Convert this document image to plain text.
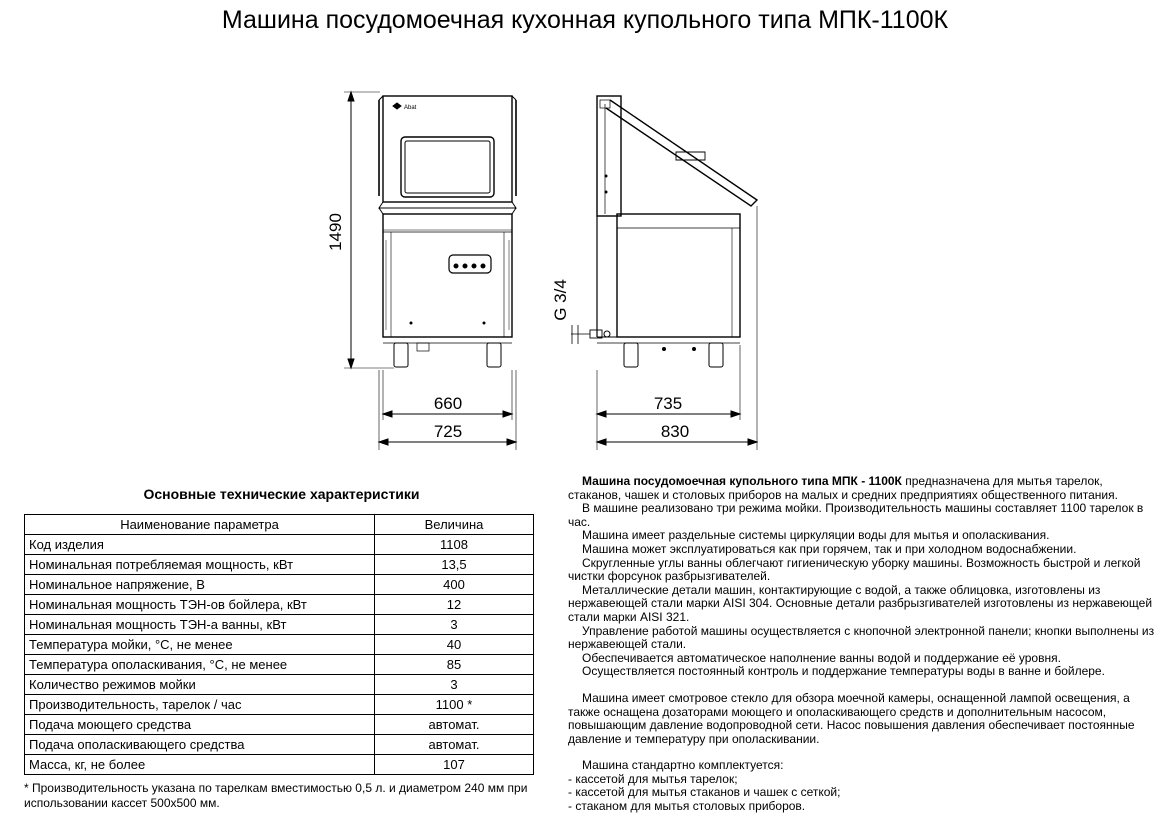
Машина посудомоечная кухонная купольного типа МПК-1100К
Abat
1490
660
725
G 3/4
735
830
Основные технические характеристики
Наименование параметра	Величина
Код изделия	1108
Номинальная потребляемая мощность, кВт	13,5
Номинальное напряжение, В	400
Номинальная мощность ТЭН-ов бойлера, кВт	12
Номинальная мощность ТЭН-а ванны, кВт	3
Температура мойки, °С, не менее	40
Температура ополаскивания, °С, не менее	85
Количество режимов мойки	3
Производительность, тарелок / час	1100 *
Подача моющего средства	автомат.
Подача ополаскивающего средства	автомат.
Масса, кг, не более	107
* Производительность указана по тарелкам вместимостью 0,5 л. и диаметром 240 мм при использовании кассет 500х500 мм.

Машина посудомоечная купольного типа МПК - 1100К предназначена для мытья тарелок, стаканов, чашек и столовых приборов на малых и средних предприятиях общественного питания.

В машине реализовано три режима мойки. Производительность машины составляет 1100 тарелок в час.

Машина имеет раздельные системы циркуляции воды для мытья и ополаскивания.

Машина может эксплуатироваться как при горячем, так и при холодном водоснабжении.

Скругленные углы ванны облегчают гигиеническую уборку машины. Возможность быстрой и легкой чистки форсунок разбрызгивателей.

Металлические детали машин, контактирующие с водой, а также облицовка, изготовлены из нержавеющей стали марки AISI 304. Основные детали разбрызгивателей изготовлены из нержавеющей стали марки AISI 321.

Управление работой машины осуществляется с кнопочной электронной панели; кнопки выполнены из нержавеющей стали.

Обеспечивается автоматическое наполнение ванны водой и поддержание её уровня.

Осуществляется постоянный контроль и поддержание температуры воды в ванне и бойлере.

Машина имеет смотровое стекло для обзора моечной камеры, оснащенной лампой освещения, а также оснащена дозаторами моющего и ополаскивающего средств и дополнительным насосом, повышающим давление водопроводной сети. Насос повышения давления обеспечивает постоянные давление и температуру при ополаскивании.

Машина стандартно комплектуется:

- кассетой для мытья тарелок;

- кассетой для мытья стаканов и чашек с сеткой;

- стаканом для мытья столовых приборов.
